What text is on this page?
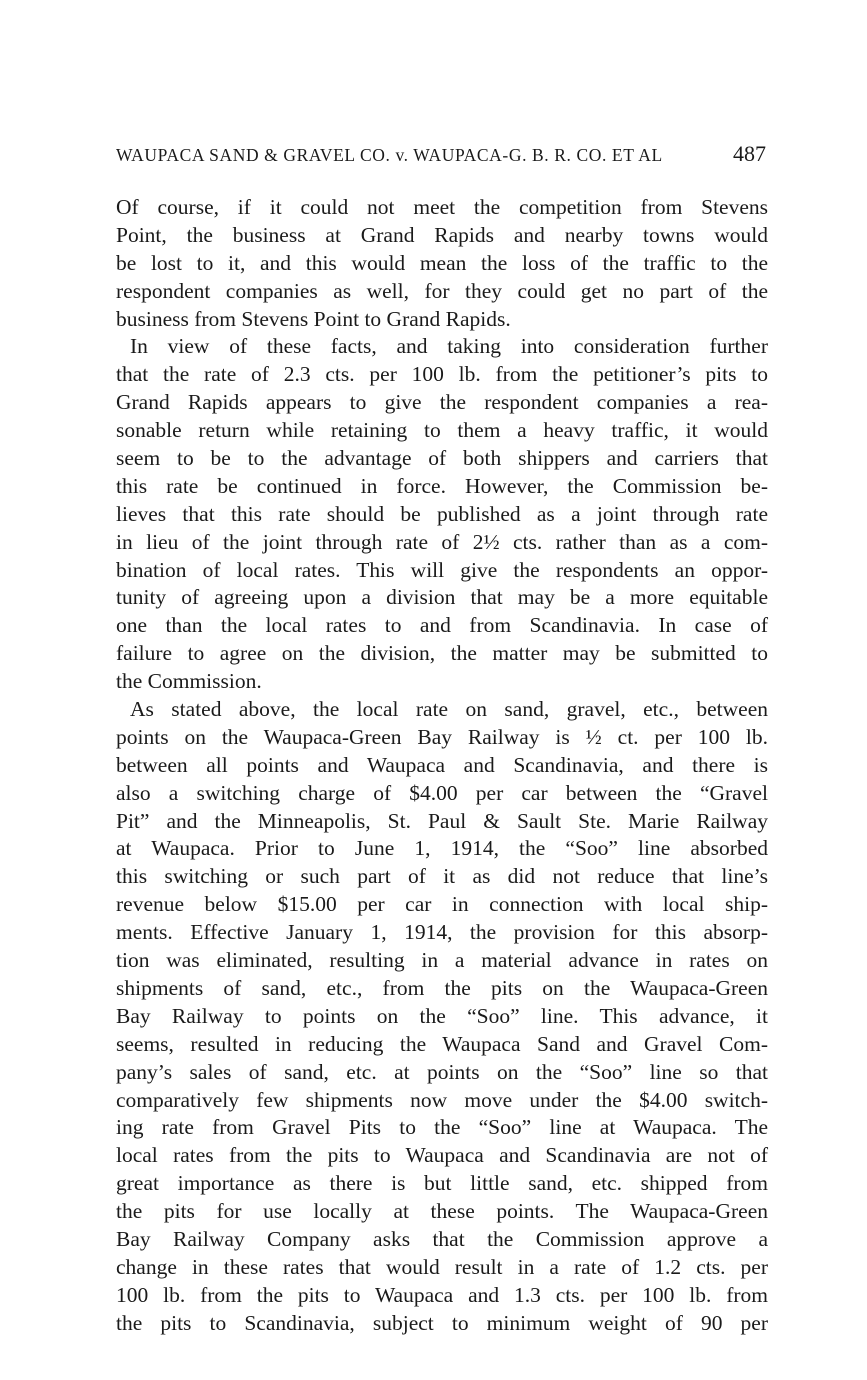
WAUPACA SAND & GRAVEL CO. v. WAUPACA-G. B. R. CO. ET AL	487
Of course, if it could not meet the competition from Stevens
Point, the business at Grand Rapids and nearby towns would
be lost to it, and this would mean the loss of the traffic to the
respondent companies as well, for they could get no part of the
business from Stevens Point to Grand Rapids.
In view of these facts, and taking into consideration further
that the rate of 2.3 cts. per 100 lb. from the petitioner’s pits to
Grand Rapids appears to give the respondent companies a rea-
sonable return while retaining to them a heavy traffic, it would
seem to be to the advantage of both shippers and carriers that
this rate be continued in force. However, the Commission be-
lieves that this rate should be published as a joint through rate
in lieu of the joint through rate of 2½ cts. rather than as a com-
bination of local rates. This will give the respondents an oppor-
tunity of agreeing upon a division that may be a more equitable
one than the local rates to and from Scandinavia. In case of
failure to agree on the division, the matter may be submitted to
the Commission.
As stated above, the local rate on sand, gravel, etc., between
points on the Waupaca-Green Bay Railway is ½ ct. per 100 lb.
between all points and Waupaca and Scandinavia, and there is
also a switching charge of $4.00 per car between the “Gravel
Pit” and the Minneapolis, St. Paul & Sault Ste. Marie Railway
at Waupaca. Prior to June 1, 1914, the “Soo” line absorbed
this switching or such part of it as did not reduce that line’s
revenue below $15.00 per car in connection with local ship-
ments. Effective January 1, 1914, the provision for this absorp-
tion was eliminated, resulting in a material advance in rates on
shipments of sand, etc., from the pits on the Waupaca-Green
Bay Railway to points on the “Soo” line. This advance, it
seems, resulted in reducing the Waupaca Sand and Gravel Com-
pany’s sales of sand, etc. at points on the “Soo” line so that
comparatively few shipments now move under the $4.00 switch-
ing rate from Gravel Pits to the “Soo” line at Waupaca. The
local rates from the pits to Waupaca and Scandinavia are not of
great importance as there is but little sand, etc. shipped from
the pits for use locally at these points. The Waupaca-Green
Bay Railway Company asks that the Commission approve a
change in these rates that would result in a rate of 1.2 cts. per
100 lb. from the pits to Waupaca and 1.3 cts. per 100 lb. from
the pits to Scandinavia, subject to minimum weight of 90 per
